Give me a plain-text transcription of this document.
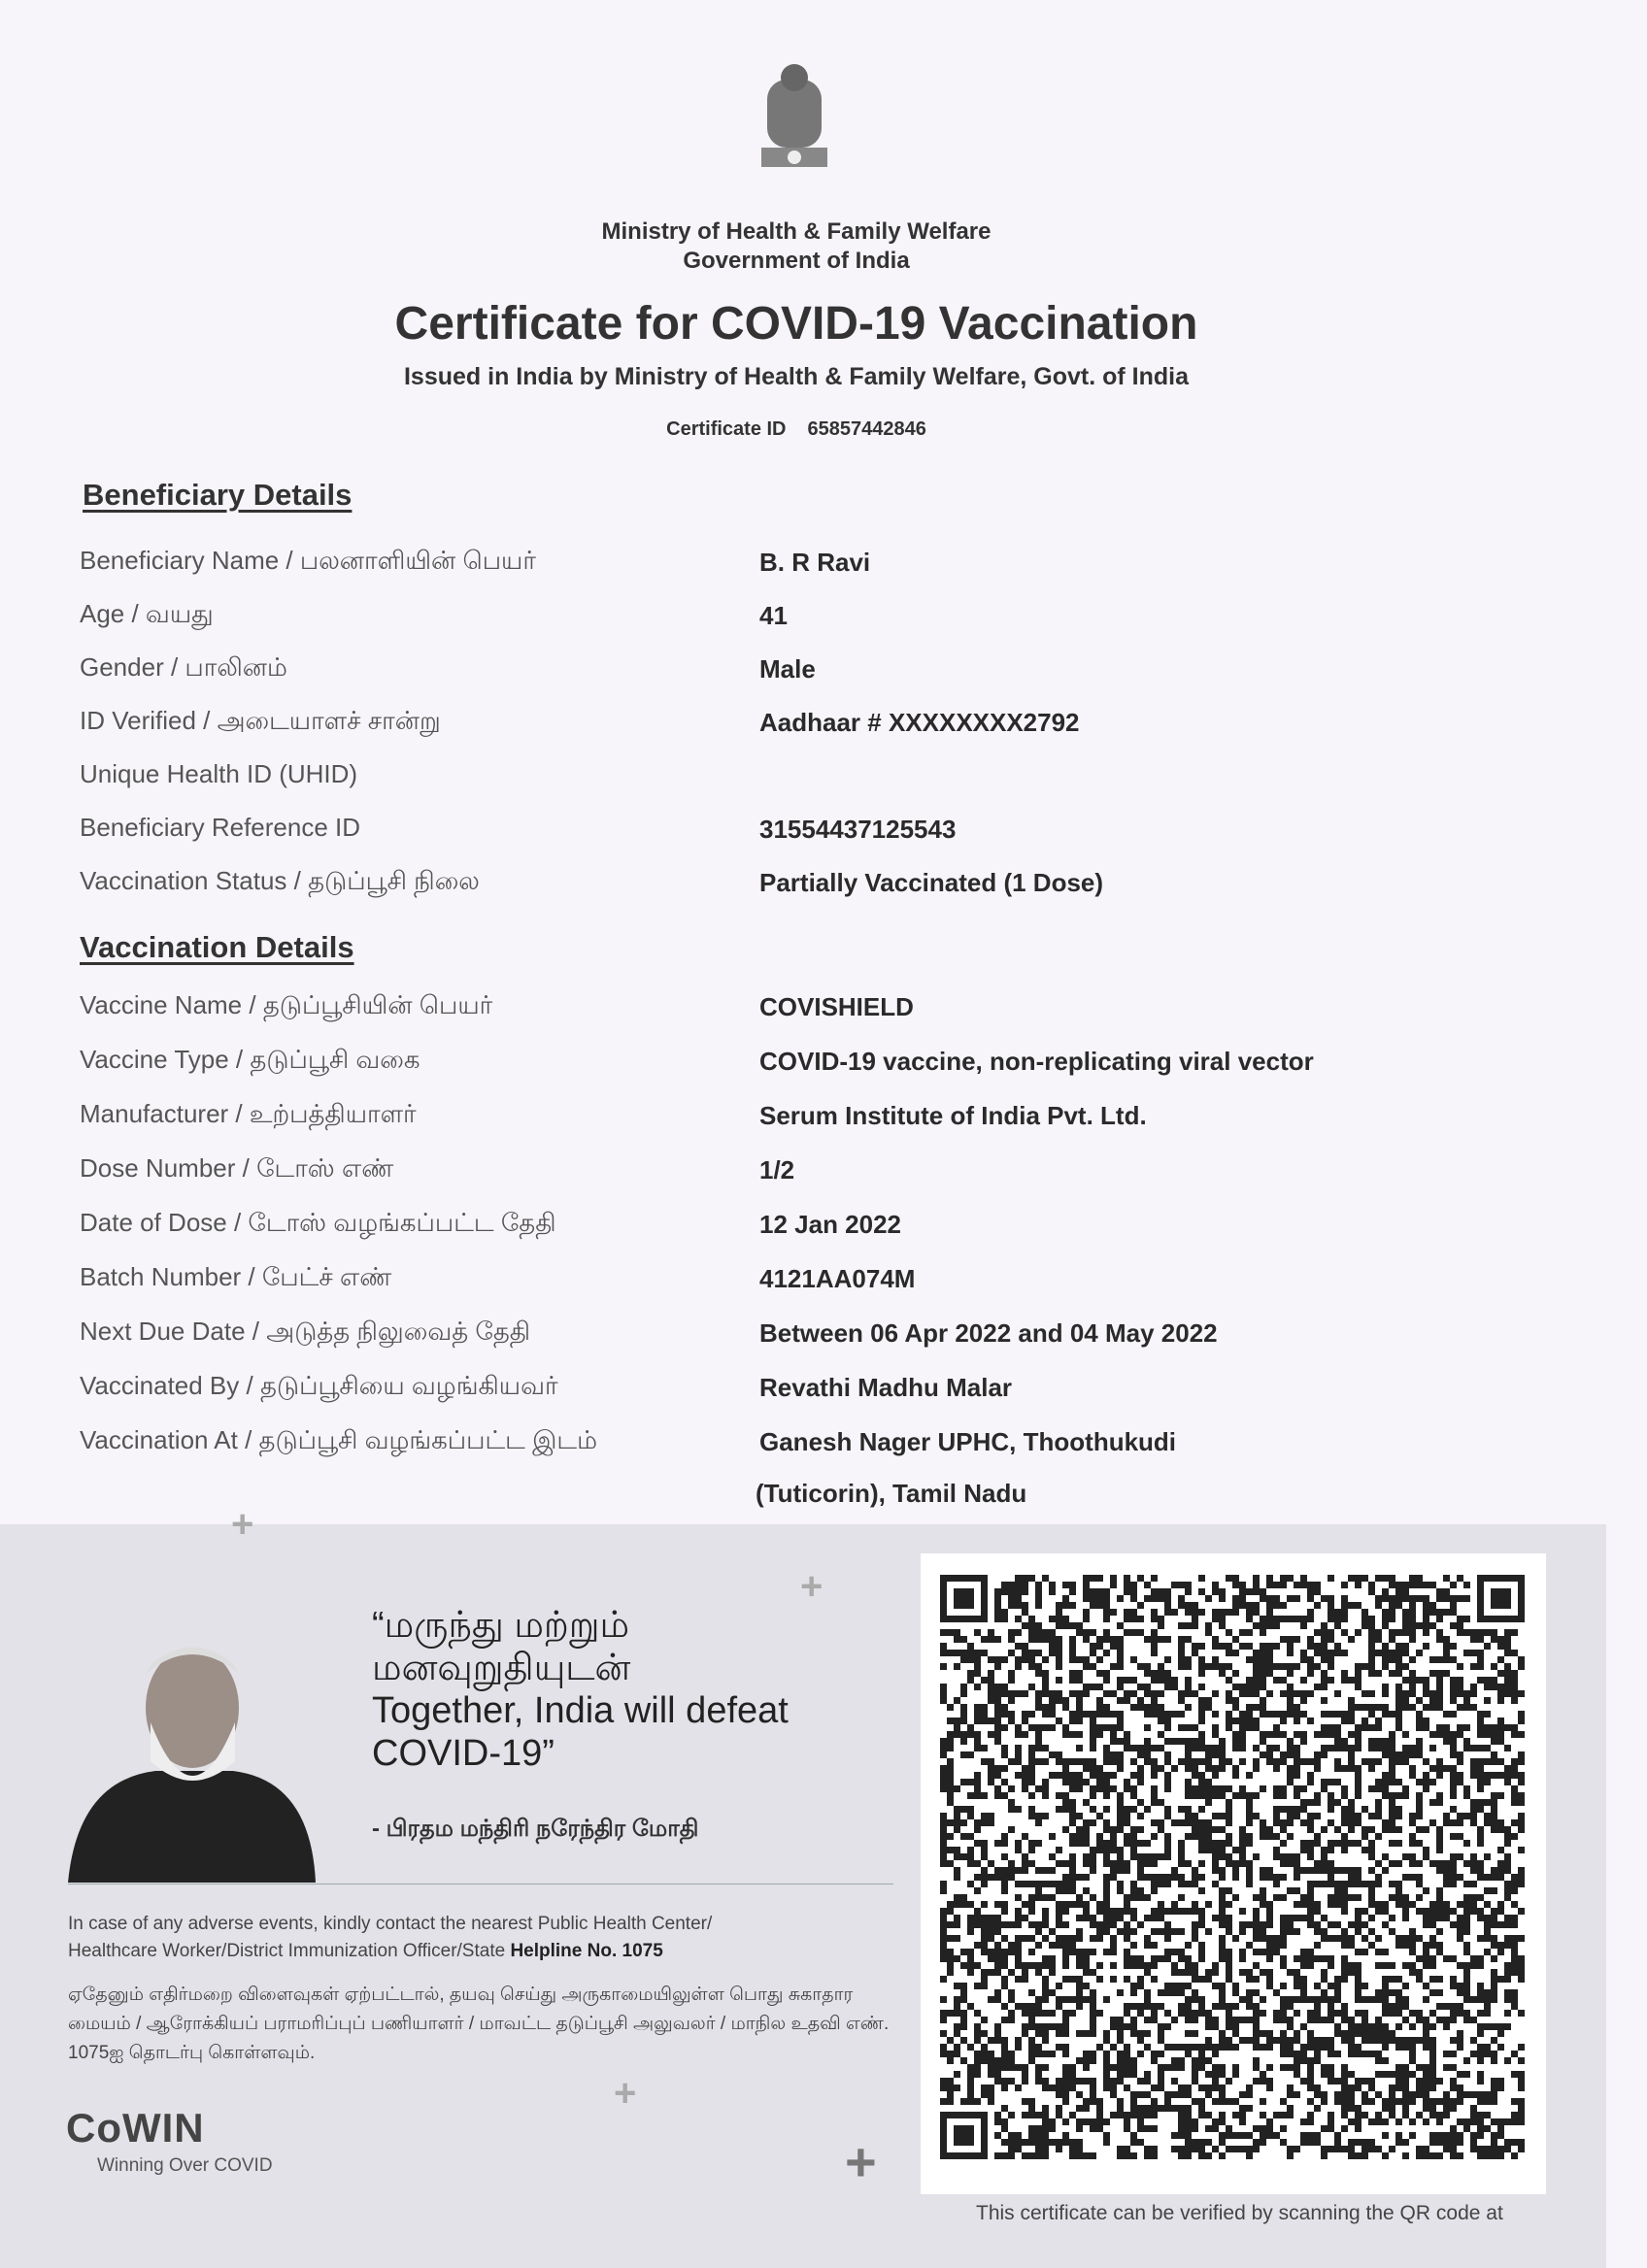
Ministry of Health & Family Welfare
Government of India
Certificate for COVID-19 Vaccination
Issued in India by Ministry of Health & Family Welfare, Govt. of India
Certificate ID 65857442846
Beneficiary Details
Beneficiary Name / பலனாளியின் பெயர்	B. R Ravi
Age / வயது	41
Gender / பாலினம்	Male
ID Verified / அடையாளச் சான்று	Aadhaar # XXXXXXXX2792
Unique Health ID (UHID)
Beneficiary Reference ID	31554437125543
Vaccination Status / தடுப்பூசி நிலை	Partially Vaccinated (1 Dose)
Vaccination Details
Vaccine Name / தடுப்பூசியின் பெயர்	COVISHIELD
Vaccine Type / தடுப்பூசி வகை	COVID-19 vaccine, non-replicating viral vector
Manufacturer / உற்பத்தியாளர்	Serum Institute of India Pvt. Ltd.
Dose Number / டோஸ் எண்	1/2
Date of Dose / டோஸ் வழங்கப்பட்ட தேதி	12 Jan 2022
Batch Number / பேட்ச் எண்	4121AA074M
Next Due Date / அடுத்த நிலுவைத் தேதி	Between 06 Apr 2022 and 04 May 2022
Vaccinated By / தடுப்பூசியை வழங்கியவர்	Revathi Madhu Malar
Vaccination At / தடுப்பூசி வழங்கப்பட்ட இடம்	Ganesh Nager UPHC, Thoothukudi
(Tuticorin), Tamil Nadu
+
+
+
+
“மருந்து மற்றும்
மனவுறுதியுடன்
Together, India will defeat
COVID-19”
- பிரதம மந்திரி நரேந்திர மோதி
In case of any adverse events, kindly contact the nearest Public Health Center/
Healthcare Worker/District Immunization Officer/State Helpline No. 1075
ஏதேனும் எதிர்மறை விளைவுகள் ஏற்பட்டால், தயவு செய்து அருகாமையிலுள்ள பொது சுகாதார மையம் / ஆரோக்கியப் பராமரிப்புப் பணியாளர் / மாவட்ட தடுப்பூசி அலுவலர் / மாநில உதவி எண். 1075ஐ தொடர்பு கொள்ளவும்.
CoWIN
Winning Over COVID
This certificate can be verified by scanning the QR code at
